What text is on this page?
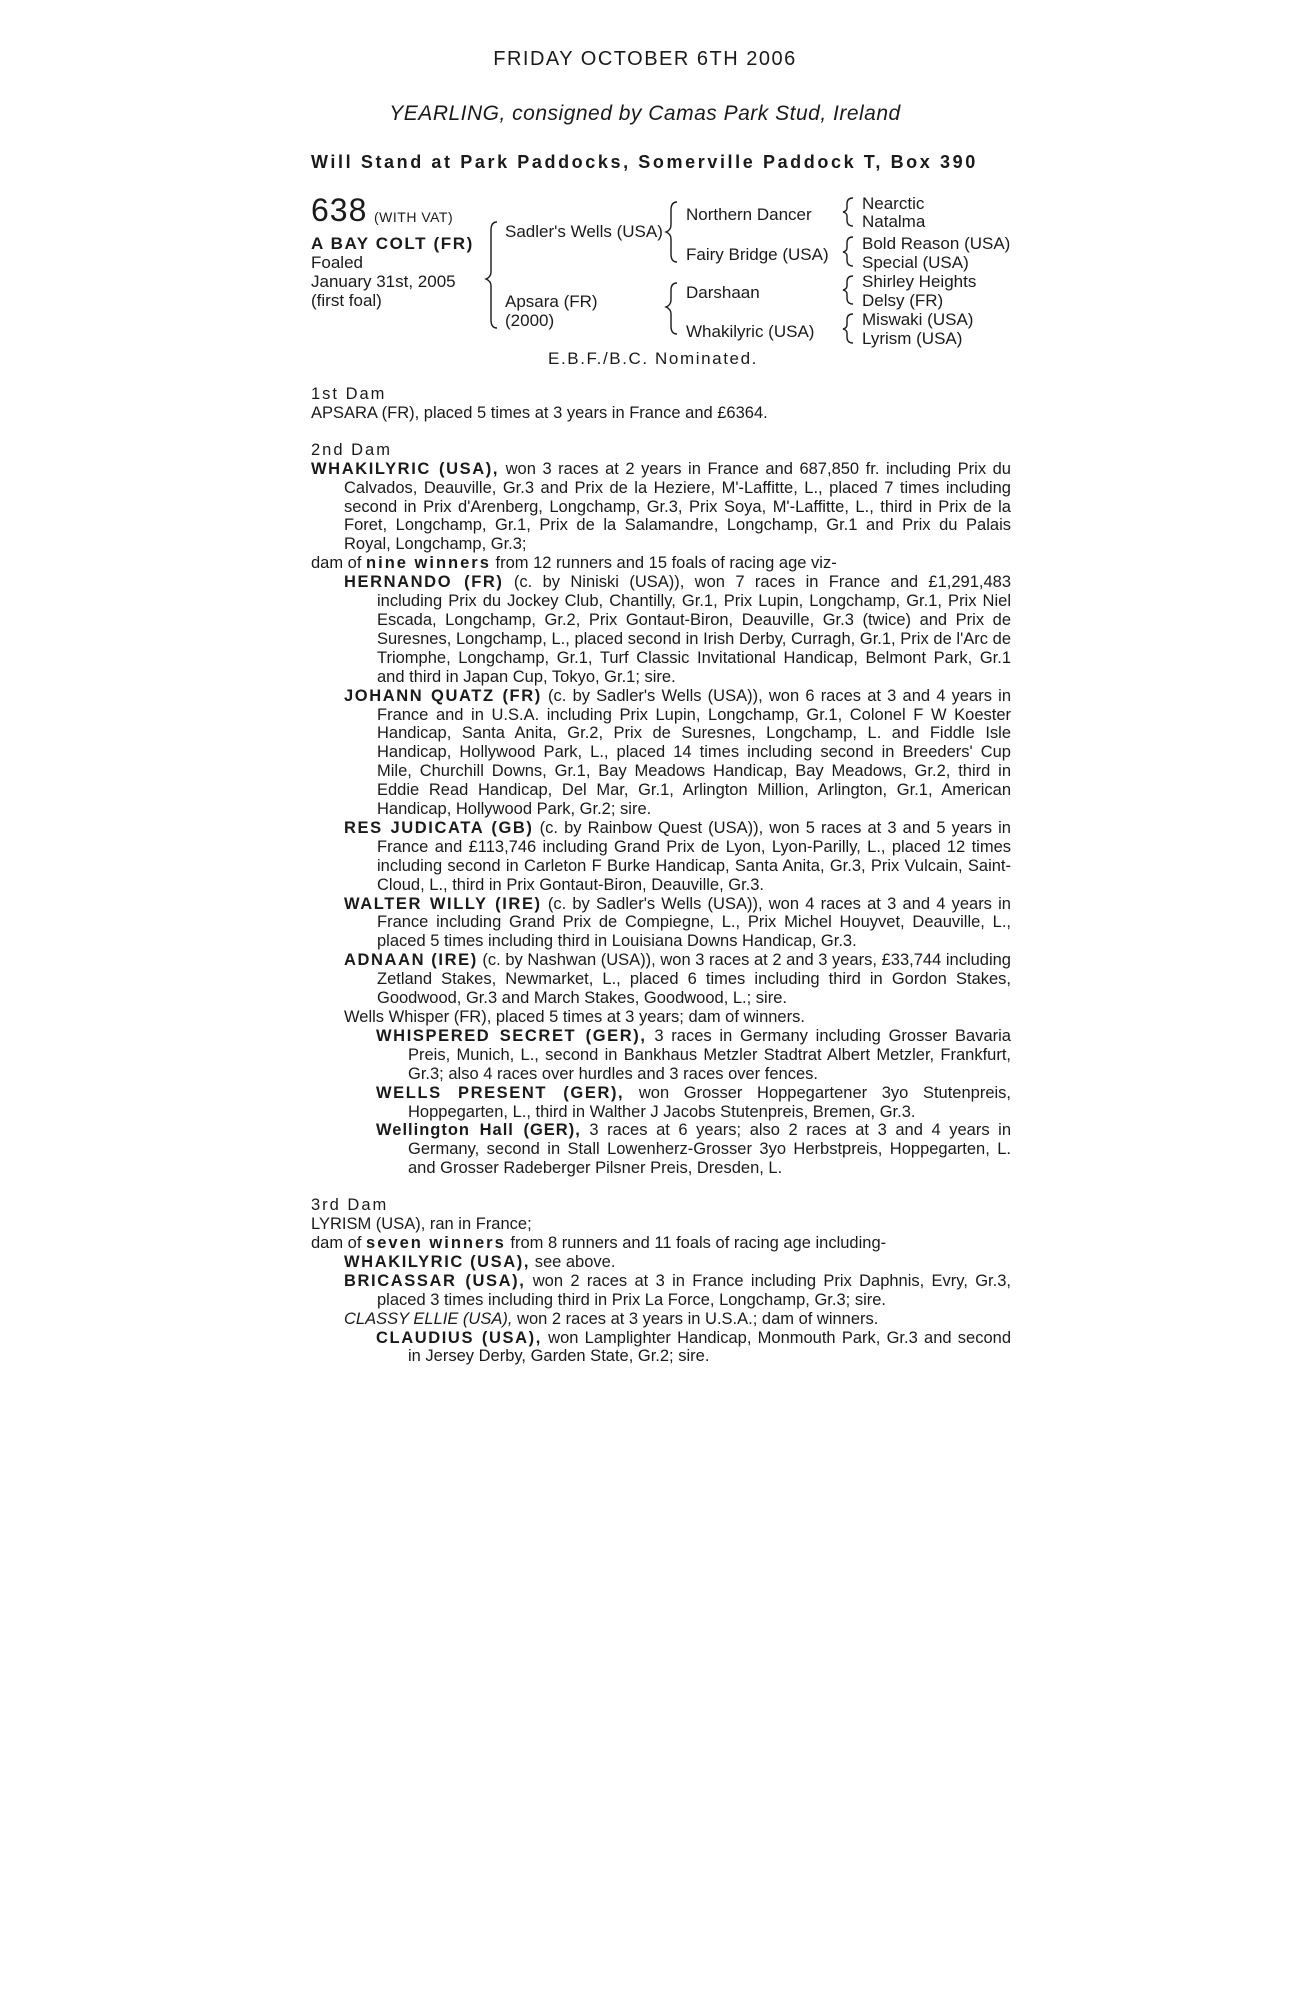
FRIDAY OCTOBER 6TH 2006
YEARLING, consigned by Camas Park Stud, Ireland
Will Stand at Park Paddocks, Somerville Paddock T, Box 390
638 (WITH VAT)
A BAY COLT (FR)
Foaled
January 31st, 2005
(first foal)
Sadler's Wells (USA)
Apsara (FR)
(2000)
Northern Dancer
Fairy Bridge (USA)
Darshaan
Whakilyric (USA)
Nearctic
Natalma
Bold Reason (USA)
Special (USA)
Shirley Heights
Delsy (FR)
Miswaki (USA)
Lyrism (USA)
E.B.F./B.C. Nominated.

1st Dam

APSARA (FR), placed 5 times at 3 years in France and £6364.

2nd Dam

WHAKILYRIC (USA), won 3 races at 2 years in France and 687,850 fr. including Prix du Calvados, Deauville, Gr.3 and Prix de la Heziere, M'-Laffitte, L., placed 7 times including second in Prix d'Arenberg, Longchamp, Gr.3, Prix Soya, M'-Laffitte, L., third in Prix de la Foret, Longchamp, Gr.1, Prix de la Salamandre, Longchamp, Gr.1 and Prix du Palais Royal, Longchamp, Gr.3;

dam of nine winners from 12 runners and 15 foals of racing age viz-

HERNANDO (FR) (c. by Niniski (USA)), won 7 races in France and £1,291,483 including Prix du Jockey Club, Chantilly, Gr.1, Prix Lupin, Longchamp, Gr.1, Prix Niel Escada, Longchamp, Gr.2, Prix Gontaut-Biron, Deauville, Gr.3 (twice) and Prix de Suresnes, Longchamp, L., placed second in Irish Derby, Curragh, Gr.1, Prix de l'Arc de Triomphe, Longchamp, Gr.1, Turf Classic Invitational Handicap, Belmont Park, Gr.1 and third in Japan Cup, Tokyo, Gr.1; sire.

JOHANN QUATZ (FR) (c. by Sadler's Wells (USA)), won 6 races at 3 and 4 years in France and in U.S.A. including Prix Lupin, Longchamp, Gr.1, Colonel F W Koester Handicap, Santa Anita, Gr.2, Prix de Suresnes, Longchamp, L. and Fiddle Isle Handicap, Hollywood Park, L., placed 14 times including second in Breeders' Cup Mile, Churchill Downs, Gr.1, Bay Meadows Handicap, Bay Meadows, Gr.2, third in Eddie Read Handicap, Del Mar, Gr.1, Arlington Million, Arlington, Gr.1, American Handicap, Hollywood Park, Gr.2; sire.

RES JUDICATA (GB) (c. by Rainbow Quest (USA)), won 5 races at 3 and 5 years in France and £113,746 including Grand Prix de Lyon, Lyon-Parilly, L., placed 12 times including second in Carleton F Burke Handicap, Santa Anita, Gr.3, Prix Vulcain, Saint-Cloud, L., third in Prix Gontaut-Biron, Deauville, Gr.3.

WALTER WILLY (IRE) (c. by Sadler's Wells (USA)), won 4 races at 3 and 4 years in France including Grand Prix de Compiegne, L., Prix Michel Houyvet, Deauville, L., placed 5 times including third in Louisiana Downs Handicap, Gr.3.

ADNAAN (IRE) (c. by Nashwan (USA)), won 3 races at 2 and 3 years, £33,744 including Zetland Stakes, Newmarket, L., placed 6 times including third in Gordon Stakes, Goodwood, Gr.3 and March Stakes, Goodwood, L.; sire.

Wells Whisper (FR), placed 5 times at 3 years; dam of winners.

WHISPERED SECRET (GER), 3 races in Germany including Grosser Bavaria Preis, Munich, L., second in Bankhaus Metzler Stadtrat Albert Metzler, Frankfurt, Gr.3; also 4 races over hurdles and 3 races over fences.

WELLS PRESENT (GER), won Grosser Hoppegartener 3yo Stutenpreis, Hoppegarten, L., third in Walther J Jacobs Stutenpreis, Bremen, Gr.3.

Wellington Hall (GER), 3 races at 6 years; also 2 races at 3 and 4 years in Germany, second in Stall Lowenherz-Grosser 3yo Herbstpreis, Hoppegarten, L. and Grosser Radeberger Pilsner Preis, Dresden, L.

3rd Dam

LYRISM (USA), ran in France;

dam of seven winners from 8 runners and 11 foals of racing age including-

WHAKILYRIC (USA), see above.

BRICASSAR (USA), won 2 races at 3 in France including Prix Daphnis, Evry, Gr.3, placed 3 times including third in Prix La Force, Longchamp, Gr.3; sire.

CLASSY ELLIE (USA), won 2 races at 3 years in U.S.A.; dam of winners.

CLAUDIUS (USA), won Lamplighter Handicap, Monmouth Park, Gr.3 and second in Jersey Derby, Garden State, Gr.2; sire.
